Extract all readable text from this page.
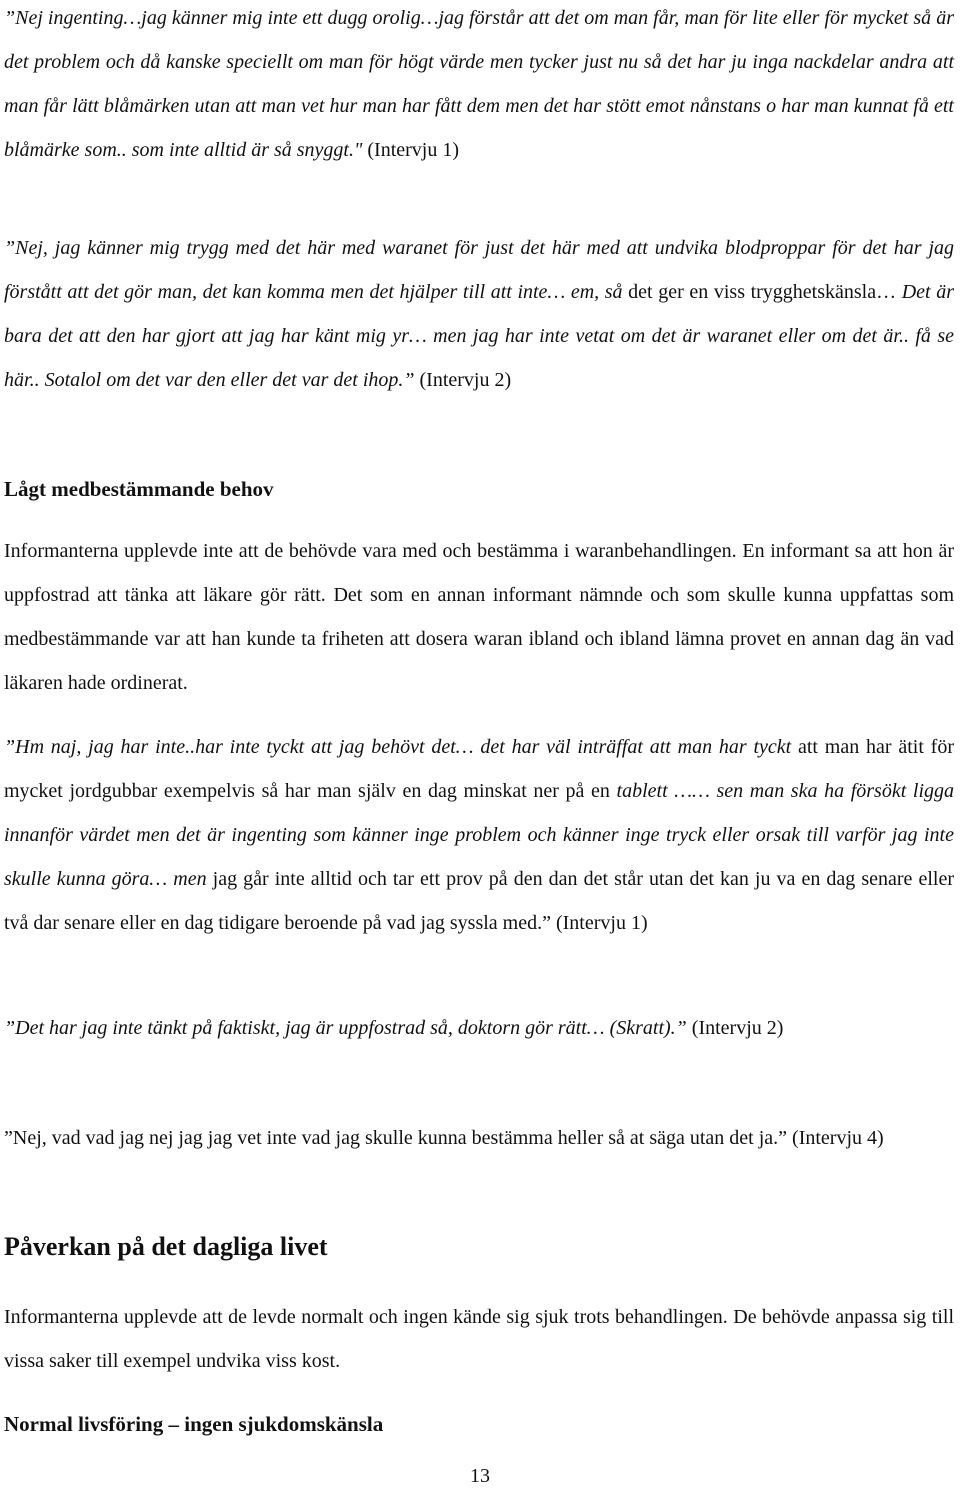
”Nej ingenting…jag känner mig inte ett dugg orolig…jag förstår att det om man får, man för lite eller för mycket så är det problem och då kanske speciellt om man för högt värde men tycker just nu så det har ju inga nackdelar andra att man får lätt blåmärken utan att man vet hur man har fått dem men det har stött emot nånstans o har man kunnat få ett blåmärke som.. som inte alltid är så snyggt." (Intervju 1)

”Nej, jag känner mig trygg med det här med waranet för just det här med att undvika blodproppar för det har jag förstått att det gör man, det kan komma men det hjälper till att inte… em, så det ger en viss trygghetskänsla… Det är bara det att den har gjort att jag har känt mig yr… men jag har inte vetat om det är waranet eller om det är.. få se här.. Sotalol om det var den eller det var det ihop.” (Intervju 2)

Lågt medbestämmande behov

Informanterna upplevde inte att de behövde vara med och bestämma i waranbehandlingen. En informant sa att hon är uppfostrad att tänka att läkare gör rätt. Det som en annan informant nämnde och som skulle kunna uppfattas som medbestämmande var att han kunde ta friheten att dosera waran ibland och ibland lämna provet en annan dag än vad läkaren hade ordinerat.

”Hm naj, jag har inte..har inte tyckt att jag behövt det… det har väl inträffat att man har tyckt att man har ätit för mycket jordgubbar exempelvis så har man själv en dag minskat ner på en tablett …… sen man ska ha försökt ligga innanför värdet men det är ingenting som känner inge problem och känner inge tryck eller orsak till varför jag inte skulle kunna göra… men jag går inte alltid och tar ett prov på den dan det står utan det kan ju va en dag senare eller två dar senare eller en dag tidigare beroende på vad jag syssla med.” (Intervju 1)

”Det har jag inte tänkt på faktiskt, jag är uppfostrad så, doktorn gör rätt… (Skratt).” (Intervju 2)

”Nej, vad vad jag nej jag jag vet inte vad jag skulle kunna bestämma heller så at säga utan det ja.” (Intervju 4)

Påverkan på det dagliga livet

Informanterna upplevde att de levde normalt och ingen kände sig sjuk trots behandlingen. De behövde anpassa sig till vissa saker till exempel undvika viss kost.

Normal livsföring – ingen sjukdomskänsla
13
